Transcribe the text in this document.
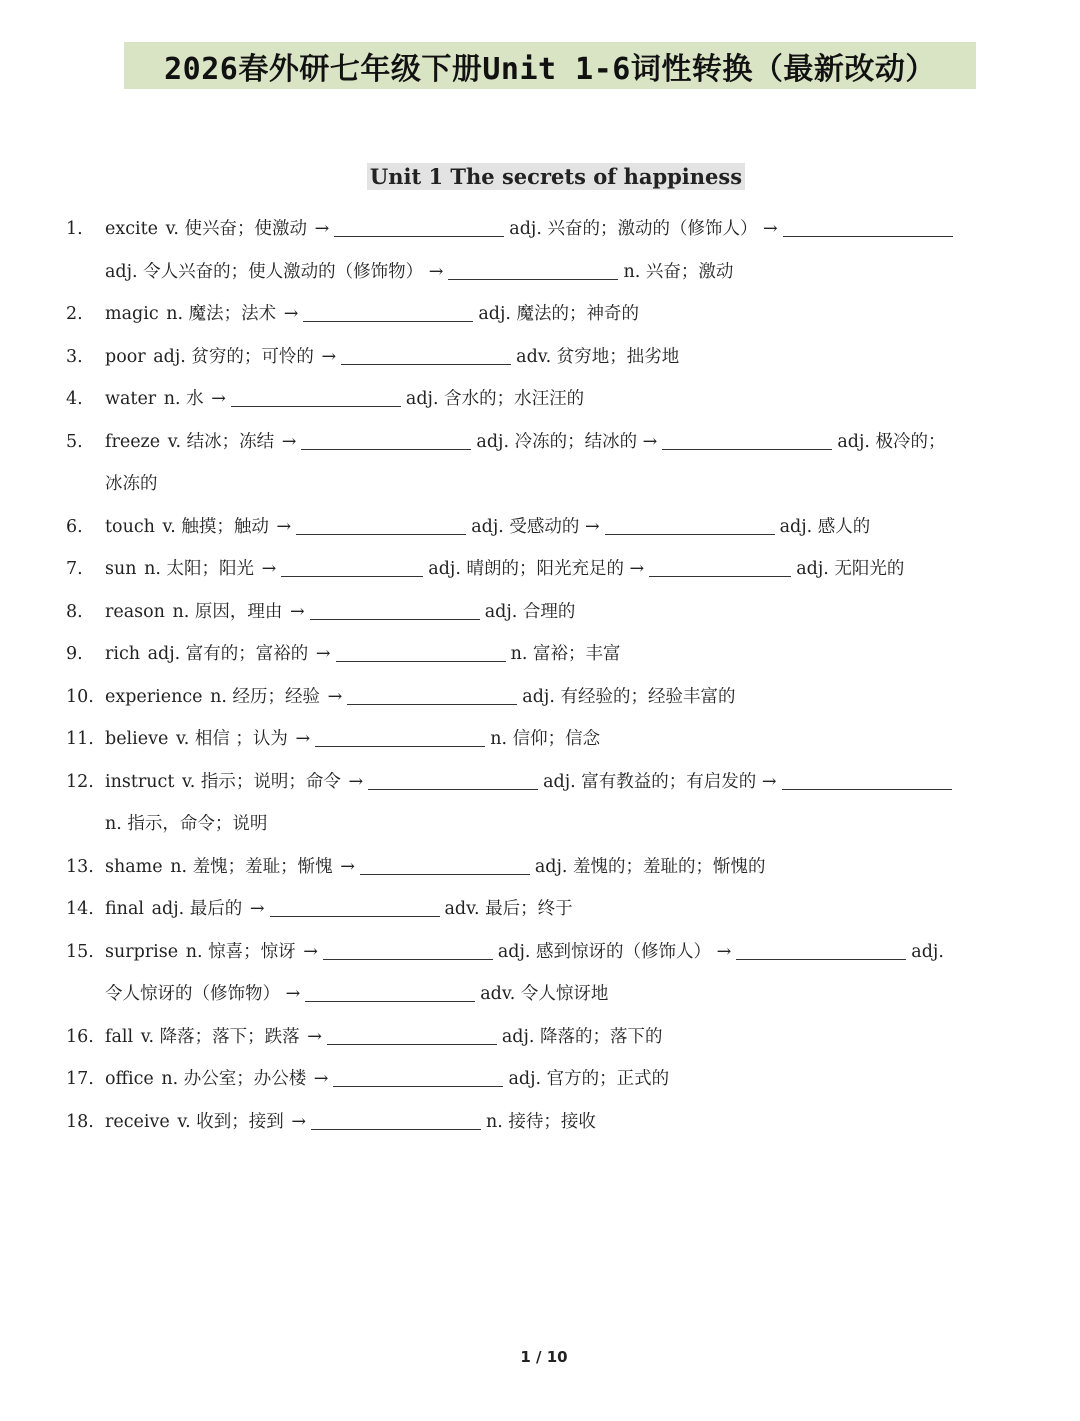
2026春外研七年级下册Unit 1-6词性转换（最新改动）
Unit 1 The secrets of happiness
1. excite v. 使兴奋；使激动 →	adj. 兴奋的；激动的（修饰人） →
adj. 令人兴奋的；使人激动的（修饰物） →	n. 兴奋；激动
2. magic n. 魔法；法术 →	adj. 魔法的；神奇的
3. poor adj. 贫穷的；可怜的 →	adv. 贫穷地；拙劣地
4. water n. 水 →	adj. 含水的；水汪汪的
5. freeze v. 结冰；冻结 →	adj. 冷冻的；结冰的 →	adj. 极冷的；
冰冻的
6. touch v. 触摸；触动 →	adj. 受感动的 →	adj. 感人的
7. sun n. 太阳；阳光 →	adj. 晴朗的；阳光充足的 →	adj. 无阳光的
8. reason n. 原因，理由 →	adj. 合理的
9. rich adj. 富有的；富裕的 →	n. 富裕；丰富
10. experience n. 经历；经验 →	adj. 有经验的；经验丰富的
11. believe v. 相信 ；认为 →	n. 信仰；信念
12. instruct v. 指示；说明；命令 →	adj. 富有教益的；有启发的 →
n. 指示，命令；说明
13. shame n. 羞愧；羞耻；惭愧 →	adj. 羞愧的；羞耻的；惭愧的
14. final adj. 最后的 →	adv. 最后；终于
15. surprise n. 惊喜；惊讶 →	adj. 感到惊讶的（修饰人） →	adj.
令人惊讶的（修饰物） →	adv. 令人惊讶地
16. fall v. 降落；落下；跌落 →	adj. 降落的；落下的
17. office n. 办公室；办公楼 →	adj. 官方的；正式的
18. receive v. 收到；接到 →	n. 接待；接收
1 / 10
